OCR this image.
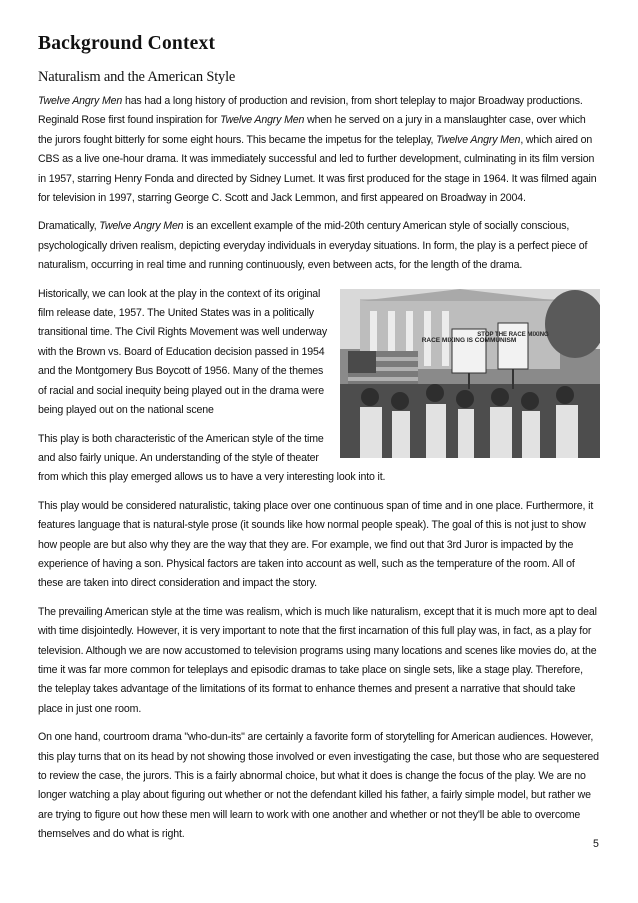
Background Context
Naturalism and the American Style

Twelve Angry Men has had a long history of production and revision, from short teleplay to major Broadway productions. Reginald Rose first found inspiration for Twelve Angry Men when he served on a jury in a manslaughter case, over which the jurors fought bitterly for some eight hours. This became the impetus for the teleplay, Twelve Angry Men, which aired on CBS as a live one-hour drama. It was immediately successful and led to further development, culminating in its film version in 1957, starring Henry Fonda and directed by Sidney Lumet. It was first produced for the stage in 1964. It was filmed again for television in 1997, starring George C. Scott and Jack Lemmon, and first appeared on Broadway in 2004.

Dramatically, Twelve Angry Men is an excellent example of the mid-20th century American style of socially conscious, psychologically driven realism, depicting everyday individuals in everyday situations. In form, the play is a perfect piece of naturalism, occurring in real time and running continuously, even between acts, for the length of the drama.

RACE MIXING IS COMMUNISM
STOP THE RACE MIXING

Historically, we can look at the play in the context of its original film release date, 1957. The United States was in a politically transitional time. The Civil Rights Movement was well underway with the Brown vs. Board of Education decision passed in 1954 and the Montgomery Bus Boycott of 1956. Many of the themes of racial and social inequity being played out in the drama were being played out on the national scene

This play is both characteristic of the American style of the time and also fairly unique. An understanding of the style of theater from which this play emerged allows us to have a very interesting look into it.

This play would be considered naturalistic, taking place over one continuous span of time and in one place. Furthermore, it features language that is natural-style prose (it sounds like how normal people speak). The goal of this is not just to show how people are but also why they are the way that they are. For example, we find out that 3rd Juror is impacted by the experience of having a son. Physical factors are taken into account as well, such as the temperature of the room. All of these are taken into direct consideration and impact the story.

The prevailing American style at the time was realism, which is much like naturalism, except that it is much more apt to deal with time disjointedly. However, it is very important to note that the first incarnation of this full play was, in fact, as a play for television. Although we are now accustomed to television programs using many locations and scenes like movies do, at the time it was far more common for teleplays and episodic dramas to take place on single sets, like a stage play. Therefore, the teleplay takes advantage of the limitations of its format to enhance themes and present a narrative that should take place in just one room.

On one hand, courtroom drama "who-dun-its" are certainly a favorite form of storytelling for American audiences. However, this play turns that on its head by not showing those involved or even investigating the case, but those who are sequestered to review the case, the jurors. This is a fairly abnormal choice, but what it does is change the focus of the play. We are no longer watching a play about figuring out whether or not the defendant killed his father, a fairly simple model, but rather we are trying to figure out how these men will learn to work with one another and whether or not they'll be able to overcome themselves and do what is right.

5
